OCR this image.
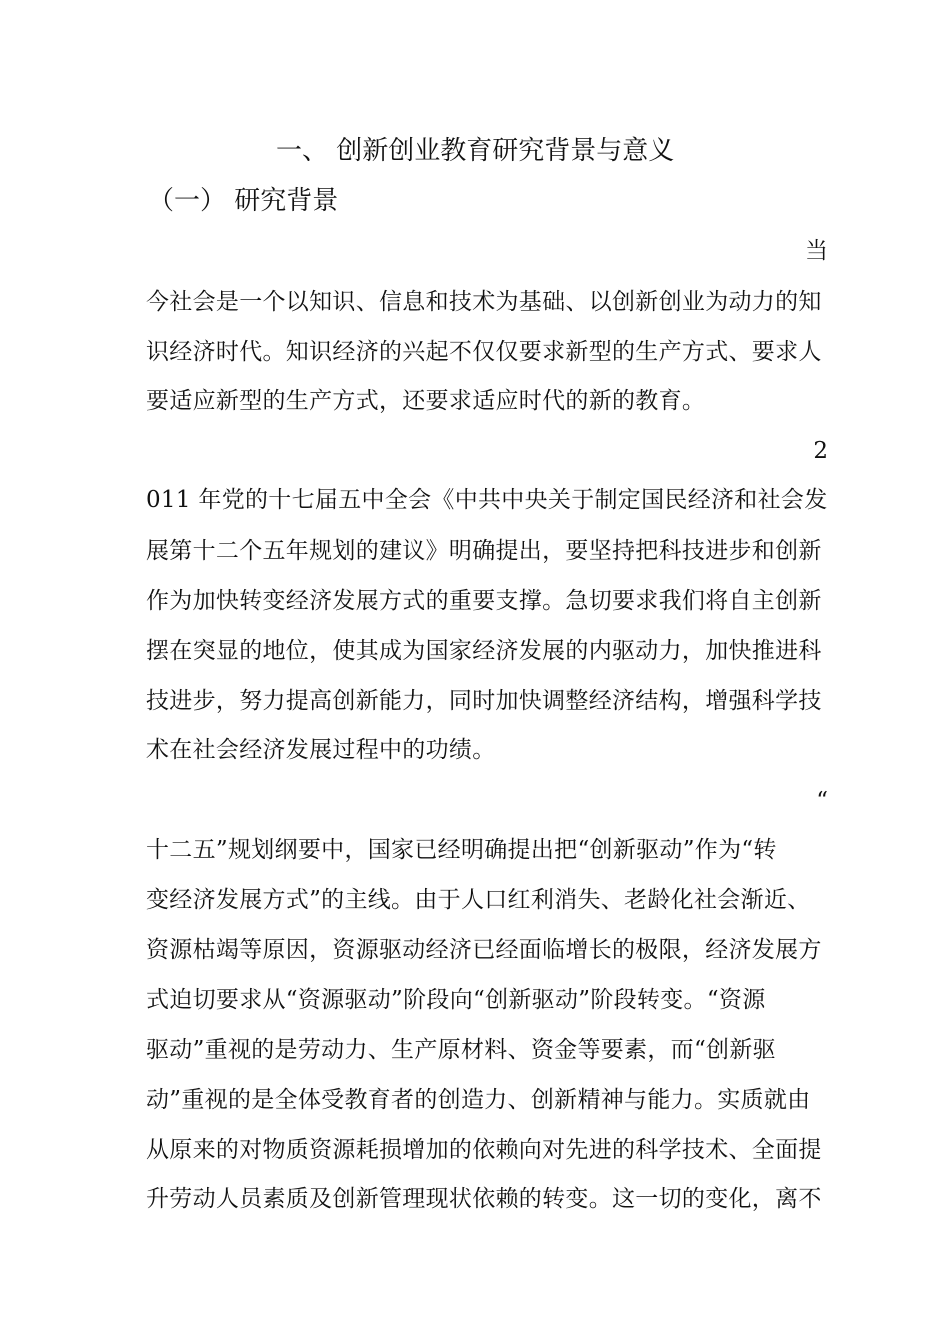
一、 创新创业教育研究背景与意义
（一） 研究背景
当
今社会是一个以知识、信息和技术为基础、以创新创业为动力的知
识经济时代。知识经济的兴起不仅仅要求新型的生产方式、要求人
要适应新型的生产方式，还要求适应时代的新的教育。
2
011 年党的十七届五中全会《中共中央关于制定国民经济和社会发
展第十二个五年规划的建议》明确提出，要坚持把科技进步和创新
作为加快转变经济发展方式的重要支撑。急切要求我们将自主创新
摆在突显的地位，使其成为国家经济发展的内驱动力，加快推进科
技进步，努力提高创新能力，同时加快调整经济结构，增强科学技
术在社会经济发展过程中的功绩。
“
十二五”规划纲要中，国家已经明确提出把“创新驱动”作为“转
变经济发展方式”的主线。由于人口红利消失、老龄化社会渐近、
资源枯竭等原因，资源驱动经济已经面临增长的极限，经济发展方
式迫切要求从“资源驱动”阶段向“创新驱动”阶段转变。“资源
驱动”重视的是劳动力、生产原材料、资金等要素，而“创新驱
动”重视的是全体受教育者的创造力、创新精神与能力。实质就由
从原来的对物质资源耗损增加的依赖向对先进的科学技术、全面提
升劳动人员素质及创新管理现状依赖的转变。这一切的变化，离不
